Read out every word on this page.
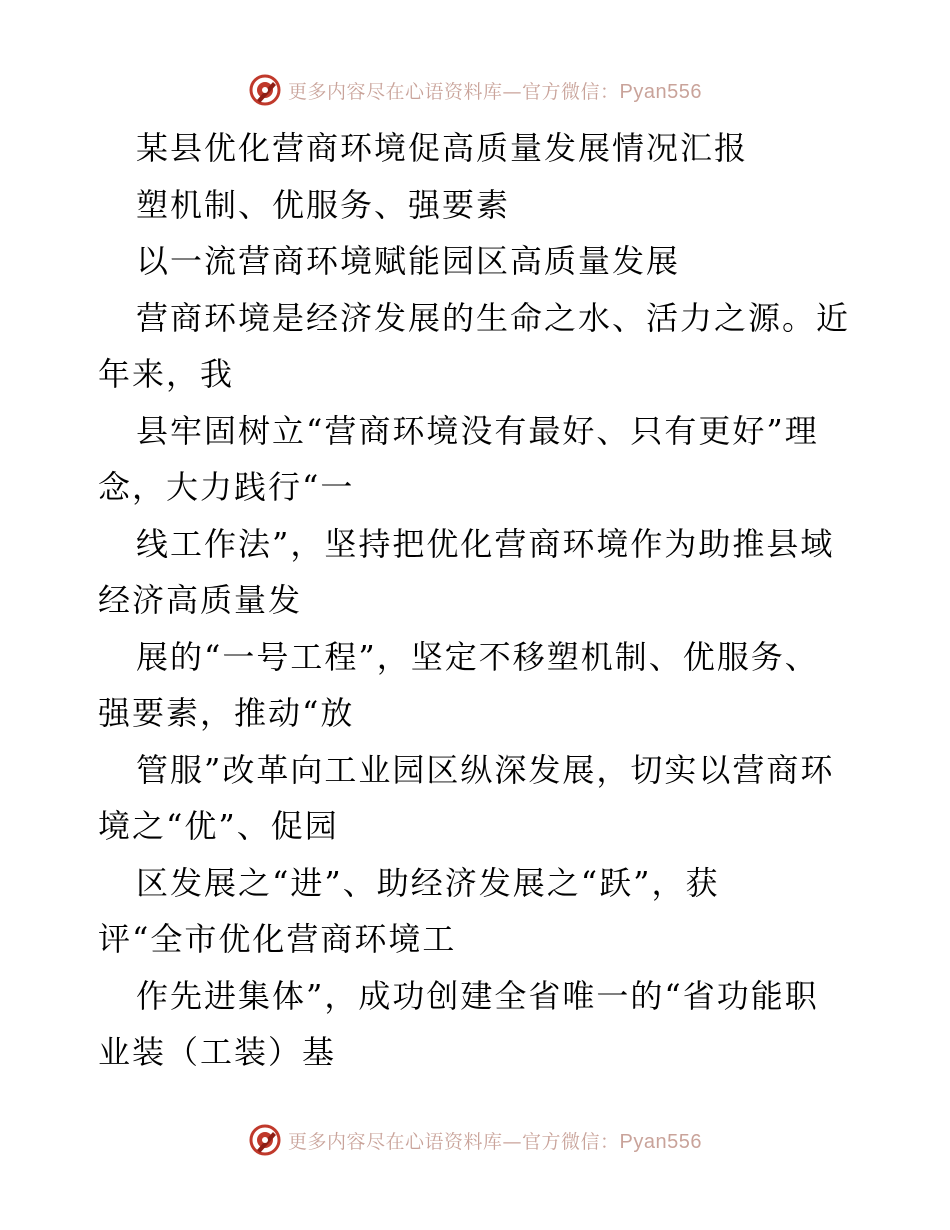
更多内容尽在心语资料库—官方微信：Pyan556
某县优化营商环境促高质量发展情况汇报
塑机制、优服务、强要素
以一流营商环境赋能园区高质量发展
营商环境是经济发展的生命之水、活力之源。近
年来，我
县牢固树立“营商环境没有最好、只有更好”理
念，大力践行“一
线工作法”，坚持把优化营商环境作为助推县域
经济高质量发
展的“一号工程”，坚定不移塑机制、优服务、
强要素，推动“放
管服”改革向工业园区纵深发展，切实以营商环
境之“优”、促园
区发展之“进”、助经济发展之“跃”，获
评“全市优化营商环境工
作先进集体”，成功创建全省唯一的“省功能职
业装（工装）基
更多内容尽在心语资料库—官方微信：Pyan556
